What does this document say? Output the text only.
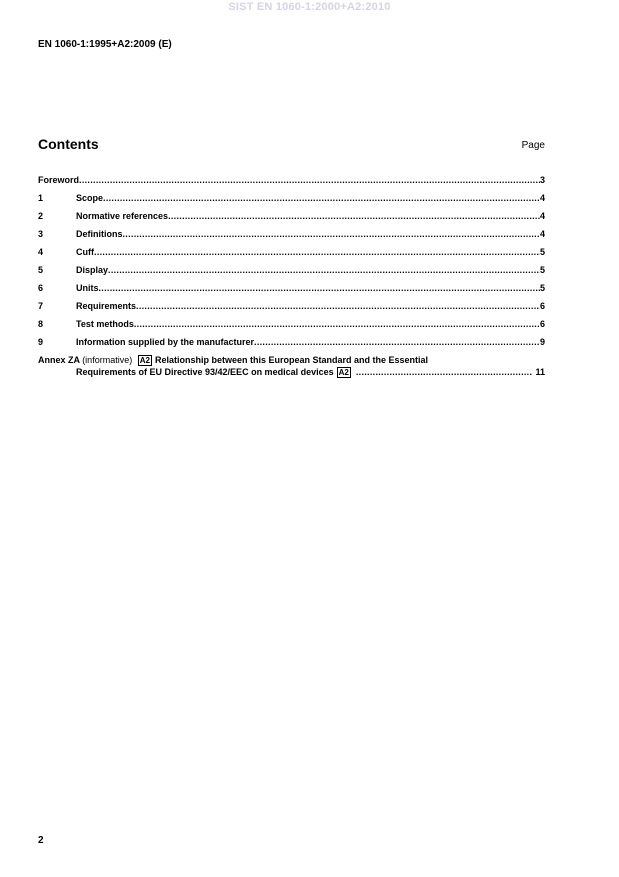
SIST EN 1060-1:2000+A2:2010
EN 1060-1:1995+A2:2009 (E)
Contents	Page
Foreword .....	3
1	Scope .....	4
2	Normative references .....	4
3	Definitions .....	4
4	Cuff .....	5
5	Display .....	5
6	Units .....	5
7	Requirements .....	6
8	Test methods .....	6
9	Information supplied by the manufacturer .....	9
Annex ZA (informative) A2 Relationship between this European Standard and the Essential
Requirements of EU Directive 93/42/EEC on medical devices A2 .....	11
2
